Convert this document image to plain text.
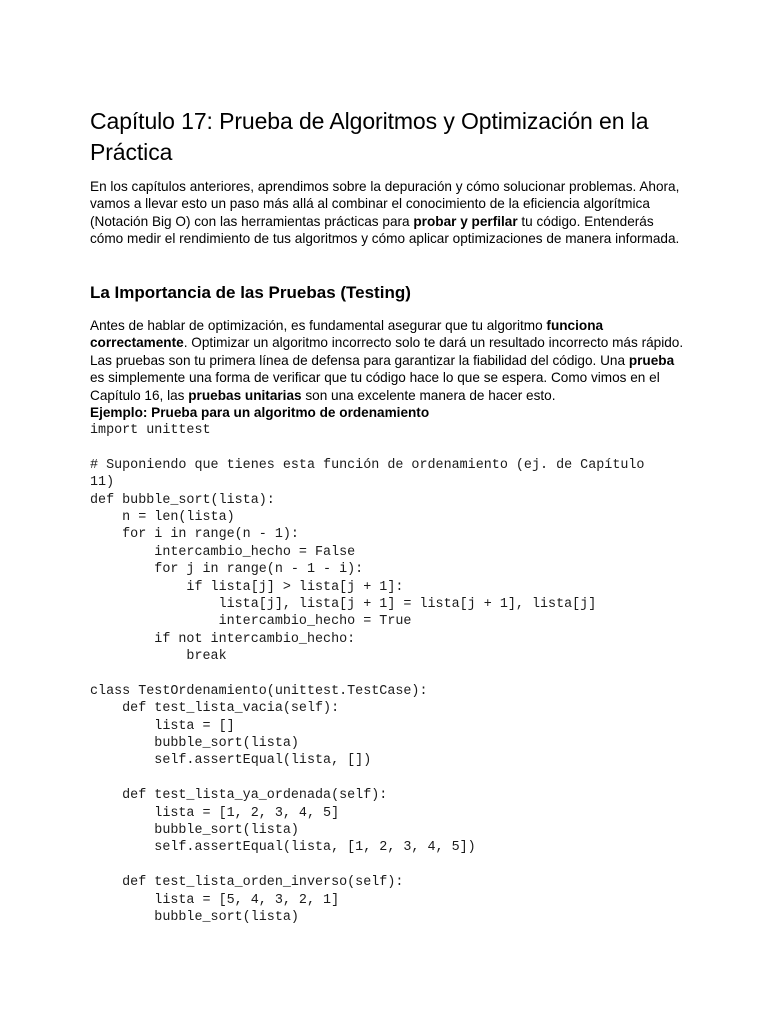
Capítulo 17: Prueba de Algoritmos y Optimización en la Práctica

En los capítulos anteriores, aprendimos sobre la depuración y cómo solucionar problemas. Ahora, vamos a llevar esto un paso más allá al combinar el conocimiento de la eficiencia algorítmica (Notación Big O) con las herramientas prácticas para probar y perfilar tu código. Entenderás cómo medir el rendimiento de tus algoritmos y cómo aplicar optimizaciones de manera informada.

La Importancia de las Pruebas (Testing)

Antes de hablar de optimización, es fundamental asegurar que tu algoritmo funciona correctamente. Optimizar un algoritmo incorrecto solo te dará un resultado incorrecto más rápido. Las pruebas son tu primera línea de defensa para garantizar la fiabilidad del código. Una prueba es simplemente una forma de verificar que tu código hace lo que se espera. Como vimos en el Capítulo 16, las pruebas unitarias son una excelente manera de hacer esto.

Ejemplo: Prueba para un algoritmo de ordenamiento
import unittest
# Suponiendo que tienes esta función de ordenamiento (ej. de Capítulo
11)
def bubble_sort(lista):
n = len(lista)
for i in range(n - 1):
intercambio_hecho = False
for j in range(n - 1 - i):
if lista[j] > lista[j + 1]:
lista[j], lista[j + 1] = lista[j + 1], lista[j]
intercambio_hecho = True
if not intercambio_hecho:
break
class TestOrdenamiento(unittest.TestCase):
def test_lista_vacia(self):
lista = []
bubble_sort(lista)
self.assertEqual(lista, [])
def test_lista_ya_ordenada(self):
lista = [1, 2, 3, 4, 5]
bubble_sort(lista)
self.assertEqual(lista, [1, 2, 3, 4, 5])
def test_lista_orden_inverso(self):
lista = [5, 4, 3, 2, 1]
bubble_sort(lista)
